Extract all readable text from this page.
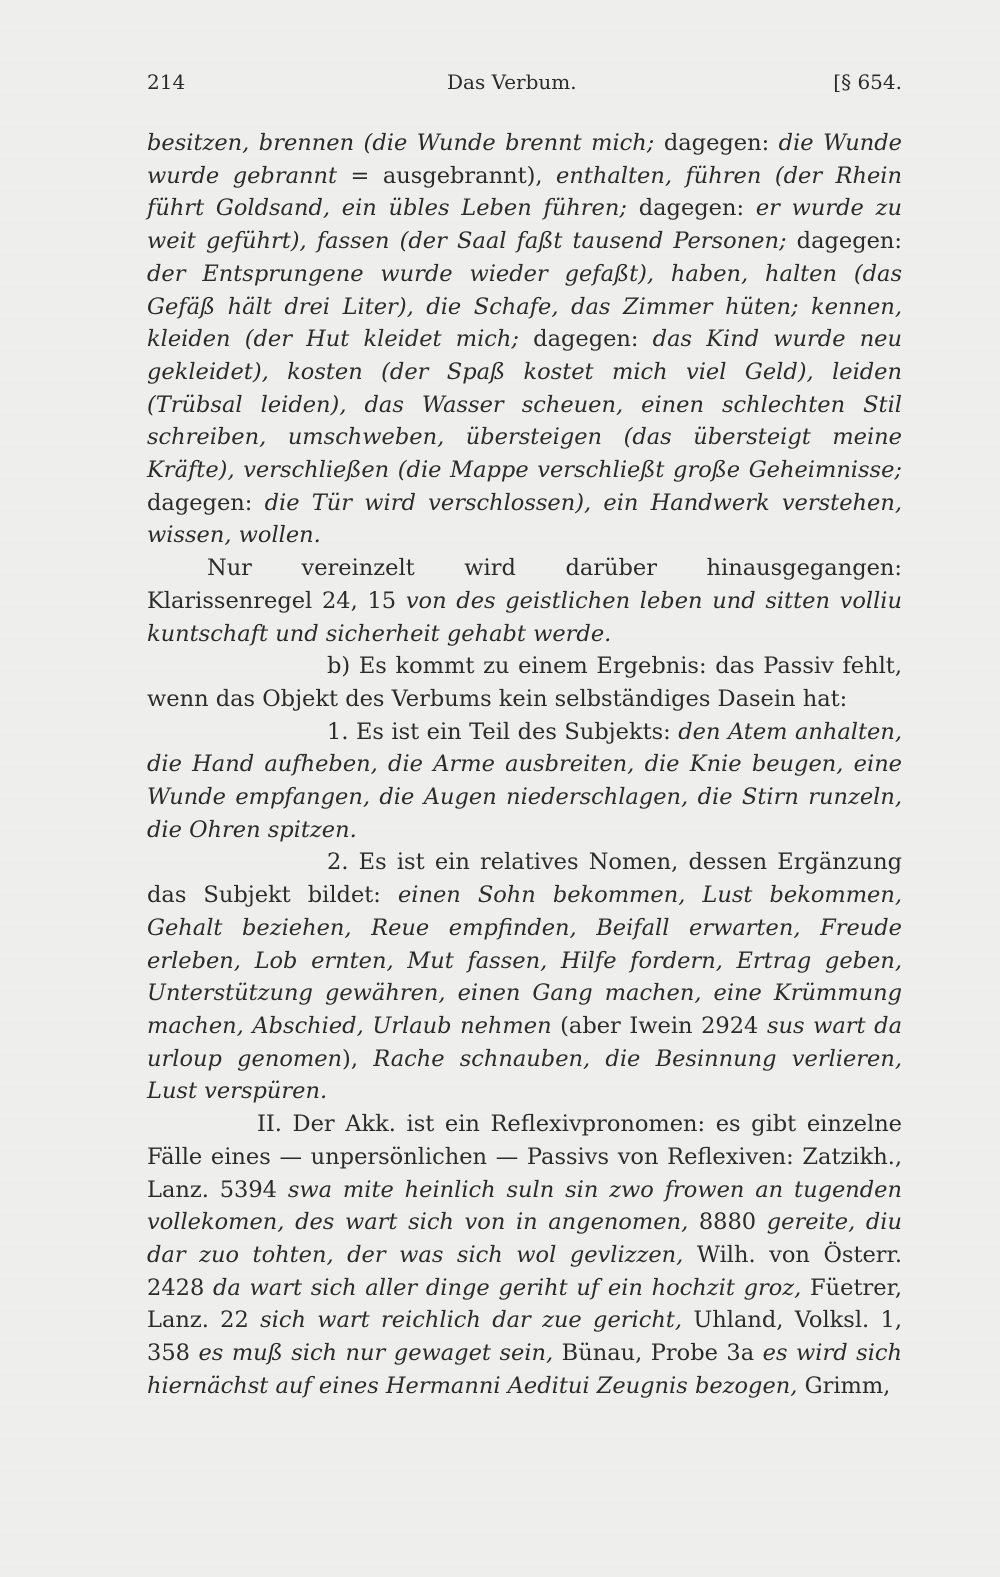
214	Das Verbum.	[§ 654.

besitzen, brennen (die Wunde brennt mich; dagegen: die Wunde wurde gebrannt = ausgebrannt), enthalten, führen (der Rhein führt Goldsand, ein übles Leben führen; dagegen: er wurde zu weit geführt), fassen (der Saal faßt tausend Personen; dagegen: der Entsprungene wurde wieder gefaßt), haben, halten (das Gefäß hält drei Liter), die Schafe, das Zimmer hüten; kennen, kleiden (der Hut kleidet mich; dagegen: das Kind wurde neu gekleidet), kosten (der Spaß kostet mich viel Geld), leiden (Trübsal leiden), das Wasser scheuen, einen schlechten Stil schreiben, umschweben, übersteigen (das übersteigt meine Kräfte), verschließen (die Mappe verschließt große Geheimnisse; dagegen: die Tür wird verschlossen), ein Handwerk verstehen, wissen, wollen.

Nur vereinzelt wird darüber hinausgegangen: Klarissenregel 24, 15 von des geistlichen leben und sitten volliu kuntschaft und sicherheit gehabt werde.

b) Es kommt zu einem Ergebnis: das Passiv fehlt, wenn das Objekt des Verbums kein selbständiges Dasein hat:

1. Es ist ein Teil des Subjekts: den Atem anhalten, die Hand aufheben, die Arme ausbreiten, die Knie beugen, eine Wunde empfangen, die Augen niederschlagen, die Stirn runzeln, die Ohren spitzen.

2. Es ist ein relatives Nomen, dessen Ergänzung das Subjekt bildet: einen Sohn bekommen, Lust bekommen, Gehalt beziehen, Reue empfinden, Beifall erwarten, Freude erleben, Lob ernten, Mut fassen, Hilfe fordern, Ertrag geben, Unterstützung gewähren, einen Gang machen, eine Krümmung machen, Abschied, Urlaub nehmen (aber Iwein 2924 sus wart da urloup genomen), Rache schnauben, die Besinnung verlieren, Lust verspüren.

II. Der Akk. ist ein Reflexivpronomen: es gibt einzelne Fälle eines — unpersönlichen — Passivs von Reflexiven: Zatzikh., Lanz. 5394 swa mite heinlich suln sin zwo frowen an tugenden vollekomen, des wart sich von in angenomen, 8880 gereite, diu dar zuo tohten, der was sich wol gevlizzen, Wilh. von Österr. 2428 da wart sich aller dinge geriht uf ein hochzit groz, Füetrer, Lanz. 22 sich wart reichlich dar zue gericht, Uhland, Volksl. 1, 358 es muß sich nur gewaget sein, Bünau, Probe 3a es wird sich hiernächst auf eines Hermanni Aeditui Zeugnis bezogen, Grimm,
